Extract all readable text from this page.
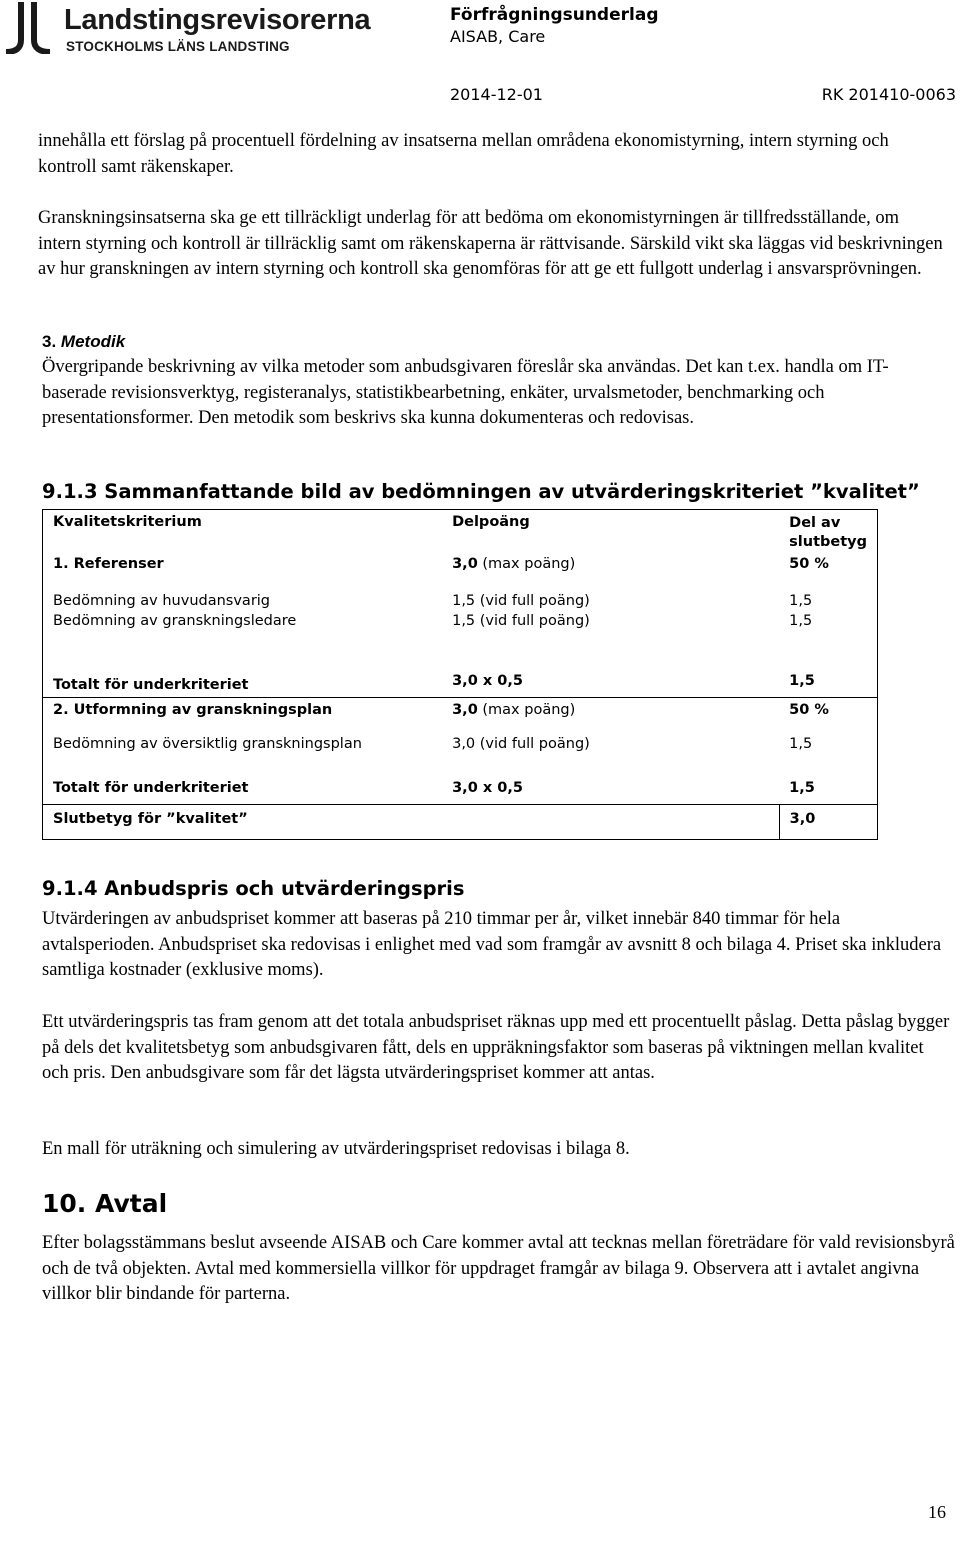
Landstingsrevisorerna
STOCKHOLMS LÄNS LANDSTING
Förfrågningsunderlag
AISAB, Care
2014-12-01	RK 201410-0063

innehålla ett förslag på procentuell fördelning av insatserna mellan områdena ekonomistyrning, intern styrning och kontroll samt räkenskaper.

Granskningsinsatserna ska ge ett tillräckligt underlag för att bedöma om ekonomistyrningen är tillfredsställande, om intern styrning och kontroll är tillräcklig samt om räkenskaperna är rättvisande. Särskild vikt ska läggas vid beskrivningen av hur granskningen av intern styrning och kontroll ska genomföras för att ge ett fullgott underlag i ansvarsprövningen.

3. Metodik

Övergripande beskrivning av vilka metoder som anbudsgivaren föreslår ska användas. Det kan t.ex. handla om IT-baserade revisionsverktyg, registeranalys, statistikbearbetning, enkäter, urvalsmetoder, benchmarking och presentationsformer. Den metodik som beskrivs ska kunna dokumenteras och redovisas.

9.1.3 Sammanfattande bild av bedömningen av utvärderingskriteriet ”kvalitet”
Kvalitetskriterium	Delpoäng	Del av slutbetyg
1. Referenser	3,0 (max poäng)	50 %
Bedömning av huvudansvarig	1,5 (vid full poäng)	1,5
Bedömning av granskningsledare	1,5 (vid full poäng)	1,5
Totalt för underkriteriet	3,0 x 0,5	1,5
2. Utformning av granskningsplan	3,0 (max poäng)	50 %
Bedömning av översiktlig granskningsplan	3,0 (vid full poäng)	1,5
Totalt för underkriteriet	3,0 x 0,5	1,5
Slutbetyg för ”kvalitet”		3,0
9.1.4 Anbudspris och utvärderingspris

Utvärderingen av anbudspriset kommer att baseras på 210 timmar per år, vilket innebär 840 timmar för hela avtalsperioden. Anbudspriset ska redovisas i enlighet med vad som framgår av avsnitt 8 och bilaga 4. Priset ska inkludera samtliga kostnader (exklusive moms).

Ett utvärderingspris tas fram genom att det totala anbudspriset räknas upp med ett procentuellt påslag. Detta påslag bygger på dels det kvalitetsbetyg som anbudsgivaren fått, dels en uppräkningsfaktor som baseras på viktningen mellan kvalitet och pris. Den anbudsgivare som får det lägsta utvärderingspriset kommer att antas.

En mall för uträkning och simulering av utvärderingspriset redovisas i bilaga 8.

10. Avtal

Efter bolagsstämmans beslut avseende AISAB och Care kommer avtal att tecknas mellan företrädare för vald revisionsbyrå och de två objekten. Avtal med kommersiella villkor för uppdraget framgår av bilaga 9. Observera att i avtalet angivna villkor blir bindande för parterna.

16
